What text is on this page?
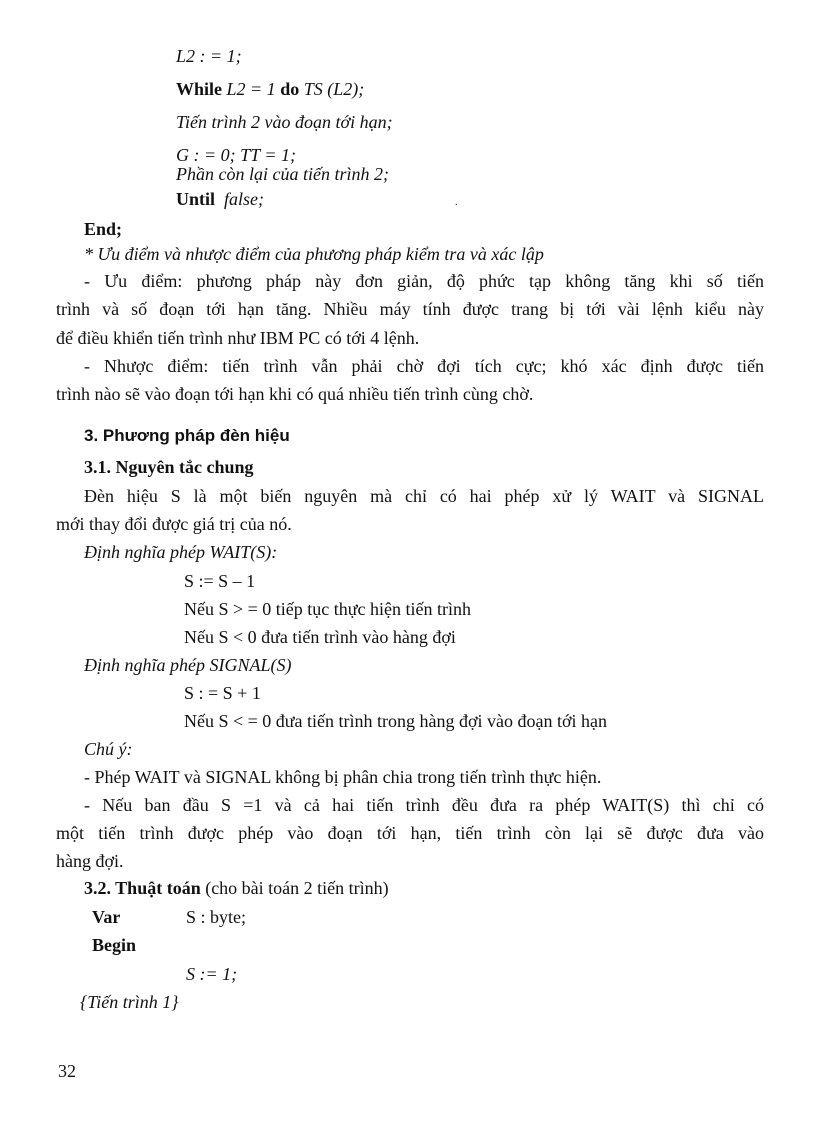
L2 : = 1;
While L2 = 1 do TS (L2);
Tiến trình 2 vào đoạn tới hạn;
G : = 0; TT = 1;
Phần còn lại của tiến trình 2;
Until false;	.
End;
* Ưu điểm và nhược điểm của phương pháp kiểm tra và xác lập
- Ưu điểm: phương pháp này đơn giản, độ phức tạp không tăng khi số tiến
trình và số đoạn tới hạn tăng. Nhiều máy tính được trang bị tới vài lệnh kiểu này
để điều khiển tiến trình như IBM PC có tới 4 lệnh.
- Nhược điểm: tiến trình vẫn phải chờ đợi tích cực; khó xác định được tiến
trình nào sẽ vào đoạn tới hạn khi có quá nhiều tiến trình cùng chờ.
3. Phương pháp đèn hiệu
3.1. Nguyên tắc chung
Đèn hiệu S là một biến nguyên mà chỉ có hai phép xử lý WAIT và SIGNAL
mới thay đổi được giá trị của nó.
Định nghĩa phép WAIT(S):
S := S – 1
Nếu S > = 0 tiếp tục thực hiện tiến trình
Nếu S < 0 đưa tiến trình vào hàng đợi
Định nghĩa phép SIGNAL(S)
S : = S + 1
Nếu S < = 0 đưa tiến trình trong hàng đợi vào đoạn tới hạn
Chú ý:
- Phép WAIT và SIGNAL không bị phân chia trong tiến trình thực hiện.
- Nếu ban đầu S =1 và cả hai tiến trình đều đưa ra phép WAIT(S) thì chỉ có
một tiến trình được phép vào đoạn tới hạn, tiến trình còn lại sẽ được đưa vào
hàng đợi.
3.2. Thuật toán (cho bài toán 2 tiến trình)
Var	S : byte;
Begin
S := 1;
{Tiến trình 1}
32
